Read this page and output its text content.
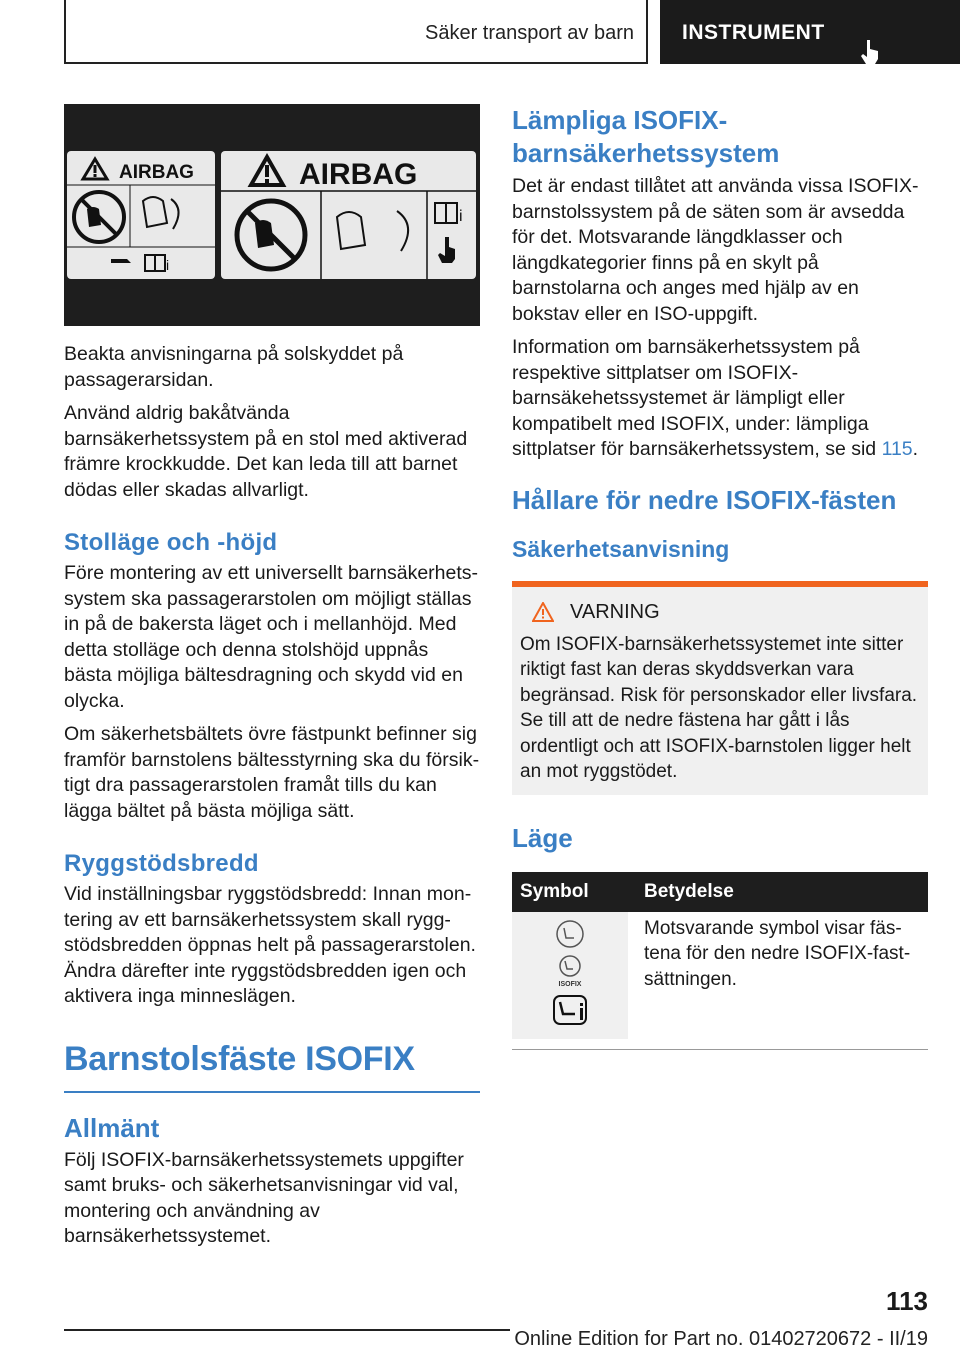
Säker transport av barn	INSTRUMENT
AIRBAG
i
AIRBAG
i

Beakta anvisningarna på solskyddet på passagerarsidan.

Använd aldrig bakåtvända barnsäkerhetssystem på en stol med aktiverad främre krockkudde. Det kan leda till att barnet dödas eller skadas allvarligt.

Stolläge och -höjd

Före montering av ett universellt barnsäkerhetssystem ska passagerarstolen om möjligt ställas in på de bakersta läget och i mellanhöjd. Med detta stolläge och denna stolshöjd uppnås bästa möjliga bältesdragning och skydd vid en olycka.

Om säkerhetsbältets övre fästpunkt befinner sig framför barnstolens bältesstyrning ska du försiktigt dra passagerarstolen framåt tills du kan lägga bältet på bästa möjliga sätt.

Ryggstödsbredd

Vid inställningsbar ryggstödsbredd: Innan montering av ett barnsäkerhetssystem skall ryggstödsbredden öppnas helt på passagerarstolen. Ändra därefter inte ryggstödsbredden igen och aktivera inga minneslägen.

Barnstolsfäste ISOFIX
Allmänt

Följ ISOFIX-barnsäkerhetssystemets uppgifter samt bruks- och säkerhetsanvisningar vid val, montering och användning av barnsäkerhetssystemet.

Lämpliga ISOFIX-barnsäkerhetssystem

Det är endast tillåtet att använda vissa ISOFIX-barnstolssystem på de säten som är avsedda för det. Motsvarande längdklasser och längdkategorier finns på en skylt på barnstolarna och anges med hjälp av en bokstav eller en ISO-uppgift.

Information om barnsäkerhetssystem på respektive sittplatser om ISOFIX-barnsäkehetssystemet är lämpligt eller kompatibelt med ISOFIX, under: lämpliga sittplatser för barnsäkerhetssystem, se sid 115.

Hållare för nedre ISOFIX-fästen
Säkerhetsanvisning
VARNING

Om ISOFIX-barnsäkerhetssystemet inte sitter riktigt fast kan deras skyddsverkan vara begränsad. Risk för personskador eller livsfara. Se till att de nedre fästena har gått i lås ordentligt och att ISOFIX-barnstolen ligger helt an mot ryggstödet.

Läge
Symbol	Betydelse

ISOFIX	Motsvarande symbol visar fästena för den nedre ISOFIX-fastsättningen.
113
Online Edition for Part no. 01402720672 - II/19
